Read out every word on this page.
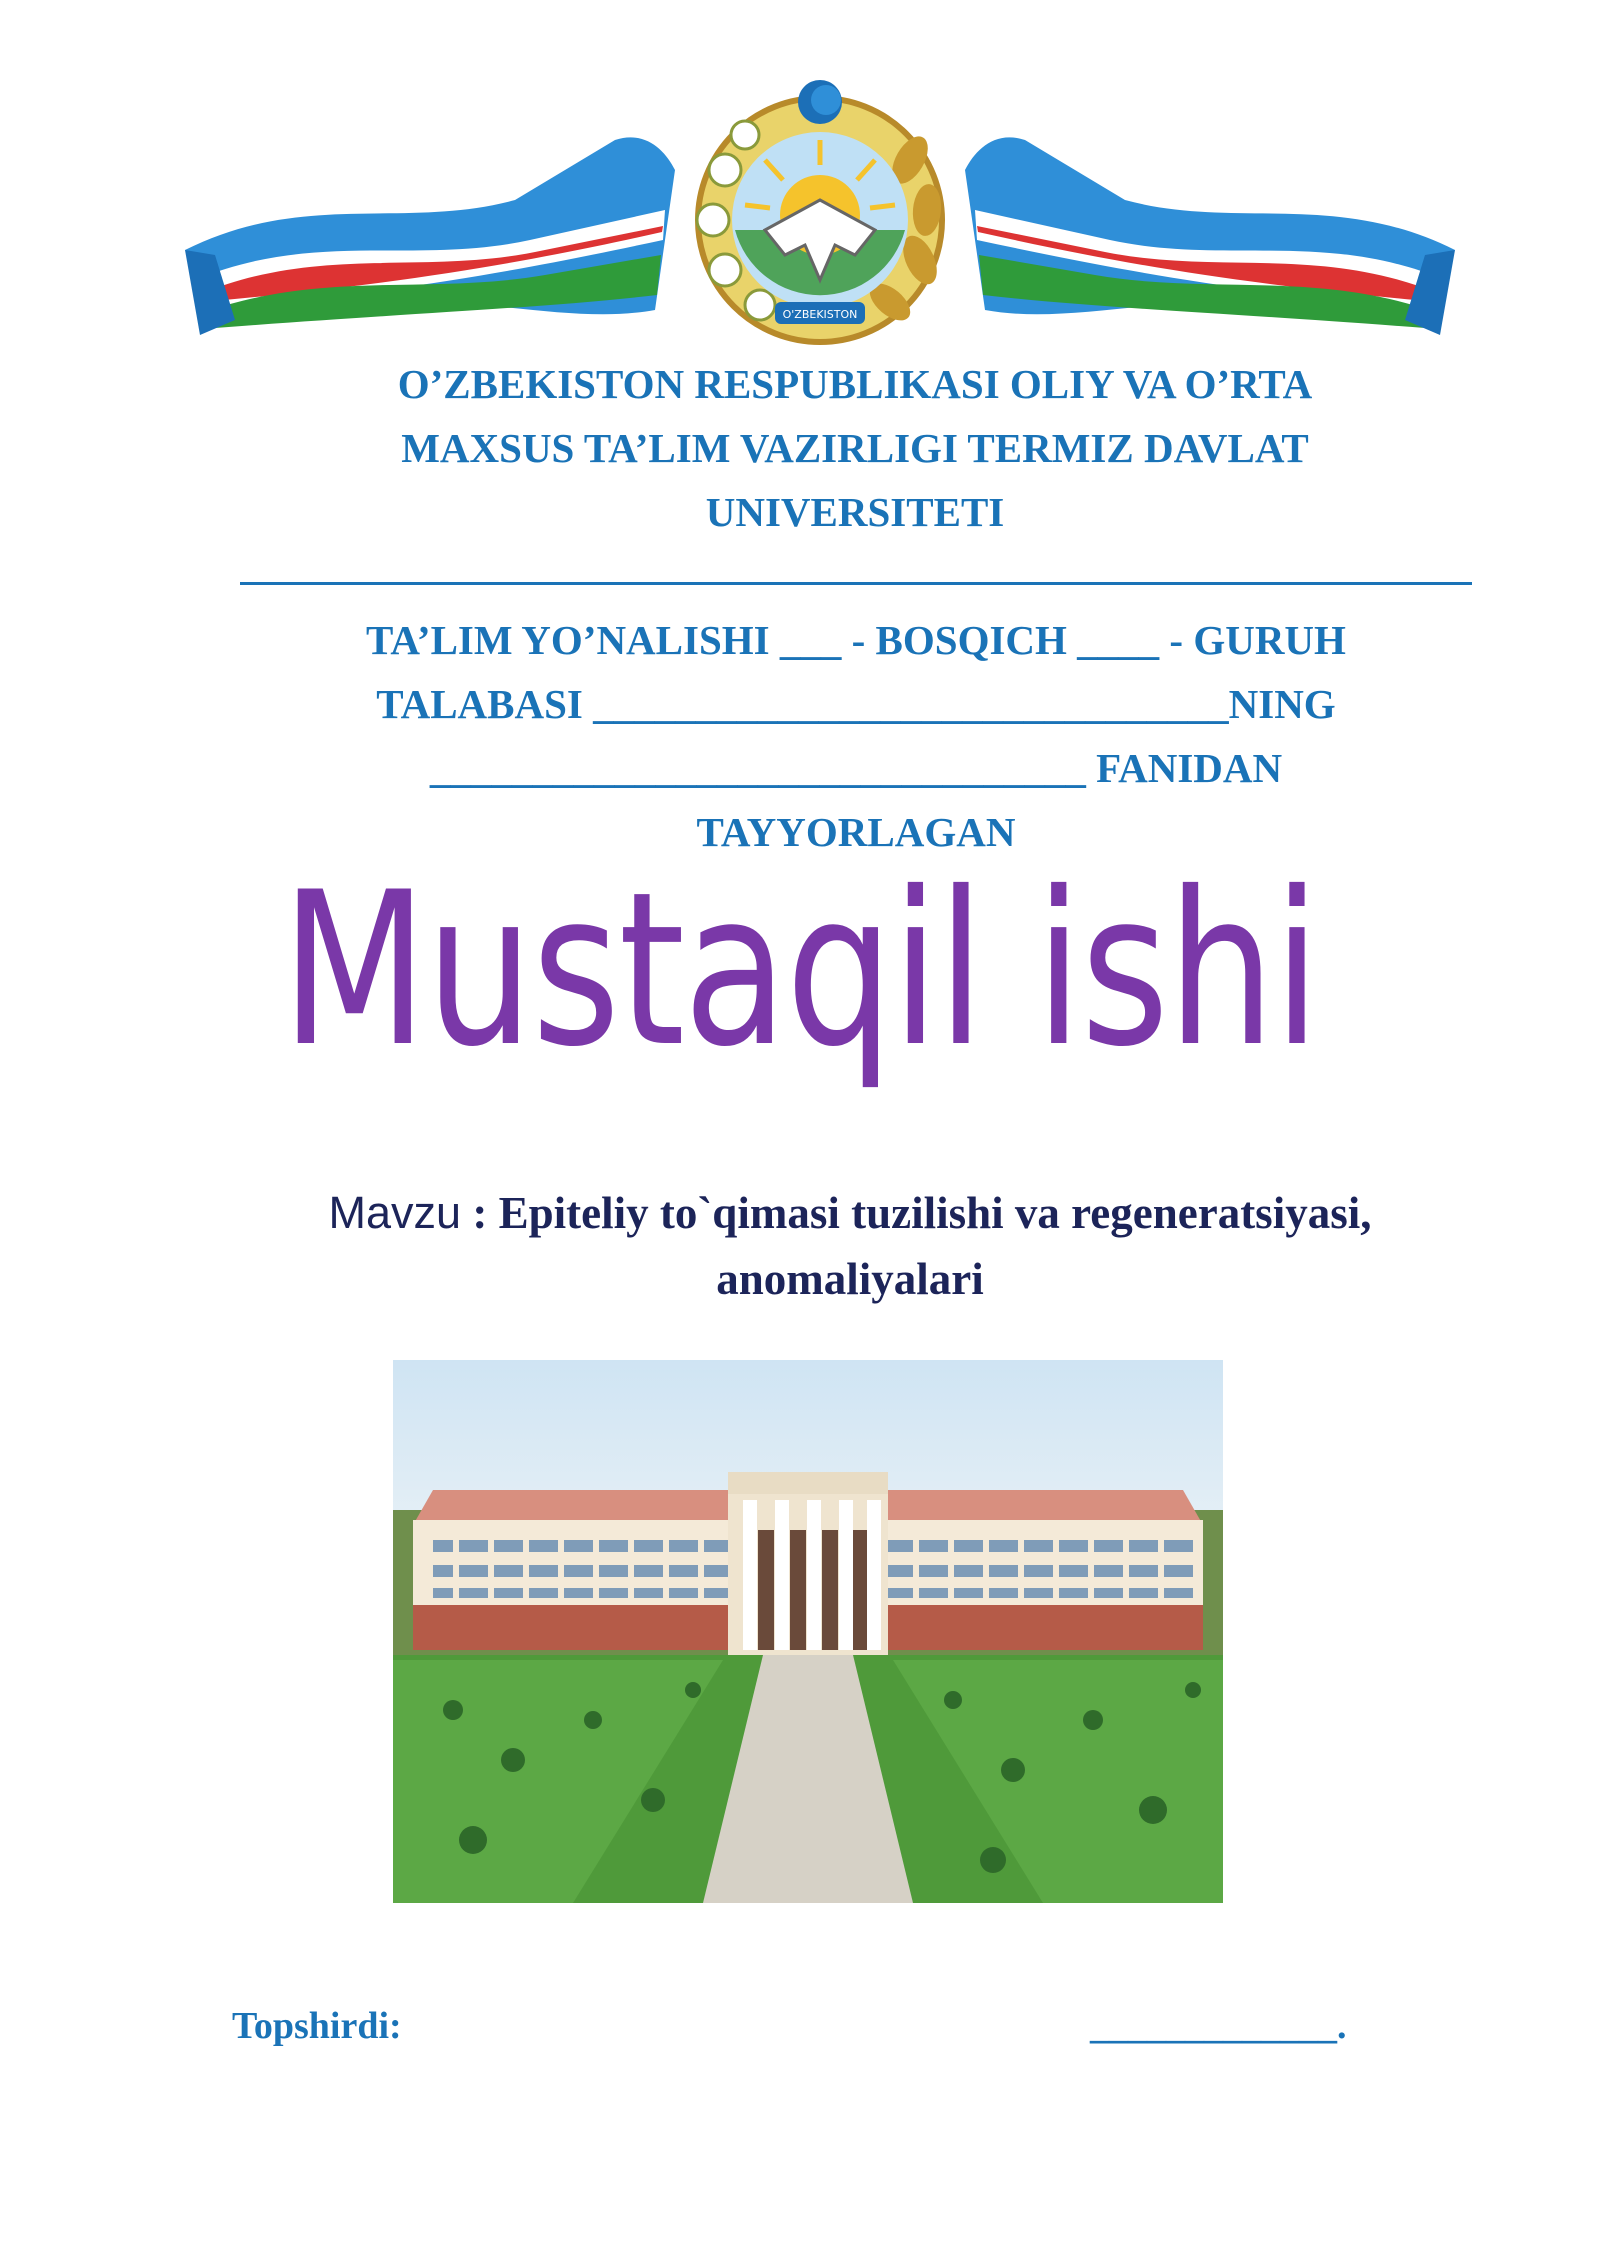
O'ZBEKISTON
O’ZBEKISTON RESPUBLIKASI OLIY VA O’RTA
MAXSUS TA’LIM VAZIRLIGI TERMIZ DAVLAT
UNIVERSITETI
TA’LIM YO’NALISHI ___ - BOSQICH ____ - GURUH
TALABASI _______________________________NING
________________________________ FANIDAN
TAYYORLAGAN
Mustaqil ishi
Mavzu : Epiteliy to`qimasi tuzilishi va regeneratsiyasi,
anomaliyalari
Topshirdi:	_____________.
